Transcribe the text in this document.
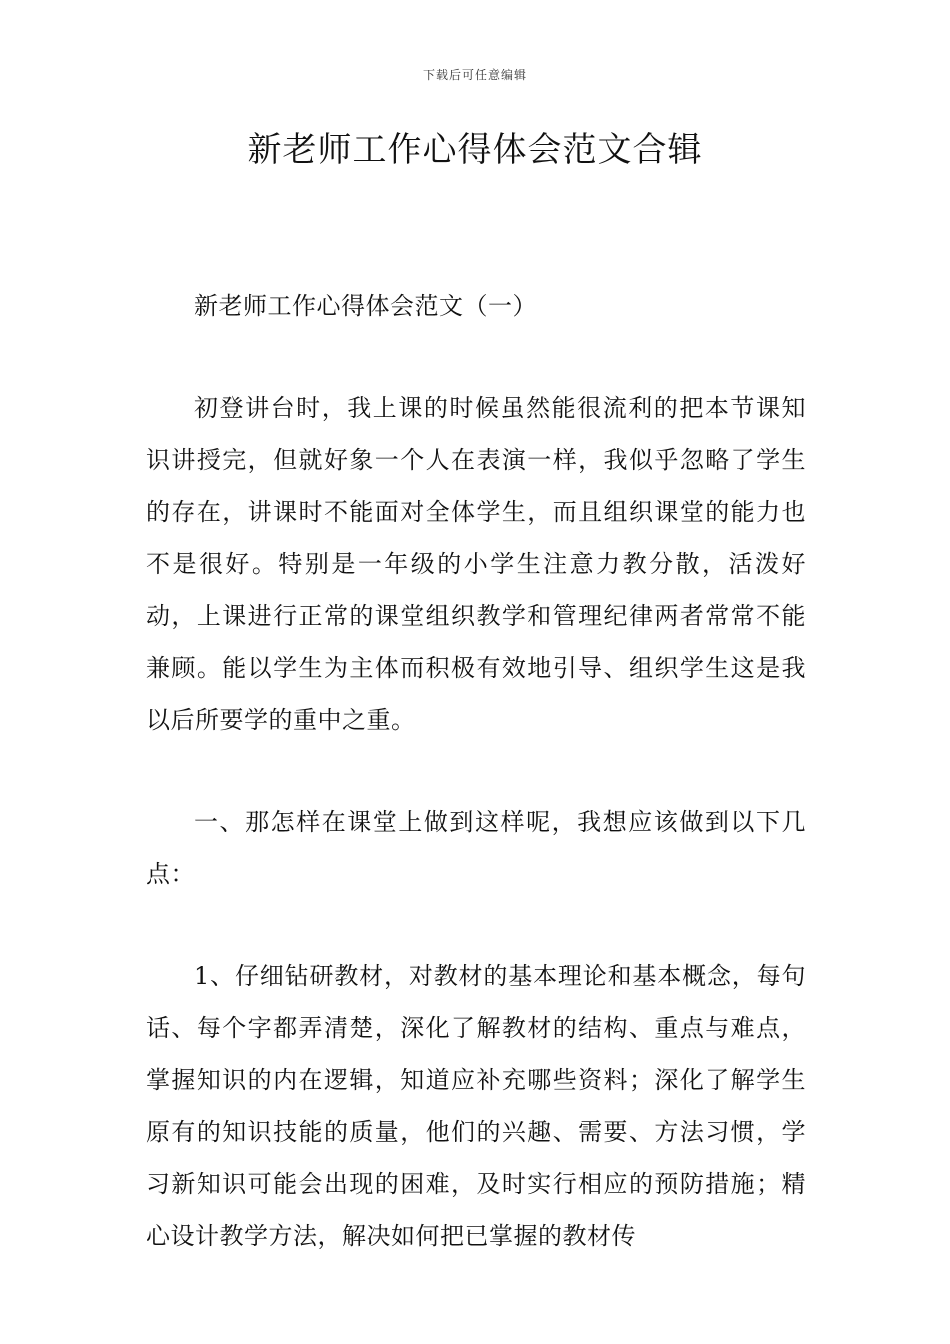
下载后可任意编辑
新老师工作心得体会范文合辑

新老师工作心得体会范文（一）

初登讲台时，我上课的时候虽然能很流利的把本节课知识讲授完，但就好象一个人在表演一样，我似乎忽略了学生的存在，讲课时不能面对全体学生，而且组织课堂的能力也不是很好。特别是一年级的小学生注意力教分散，活泼好动，上课进行正常的课堂组织教学和管理纪律两者常常不能兼顾。能以学生为主体而积极有效地引导、组织学生这是我以后所要学的重中之重。

一、那怎样在课堂上做到这样呢，我想应该做到以下几点：

1、仔细钻研教材，对教材的基本理论和基本概念，每句话、每个字都弄清楚，深化了解教材的结构、重点与难点，掌握知识的内在逻辑，知道应补充哪些资料；深化了解学生原有的知识技能的质量，他们的兴趣、需要、方法习惯，学习新知识可能会出现的困难，及时实行相应的预防措施；精心设计教学方法，解决如何把已掌握的教材传
